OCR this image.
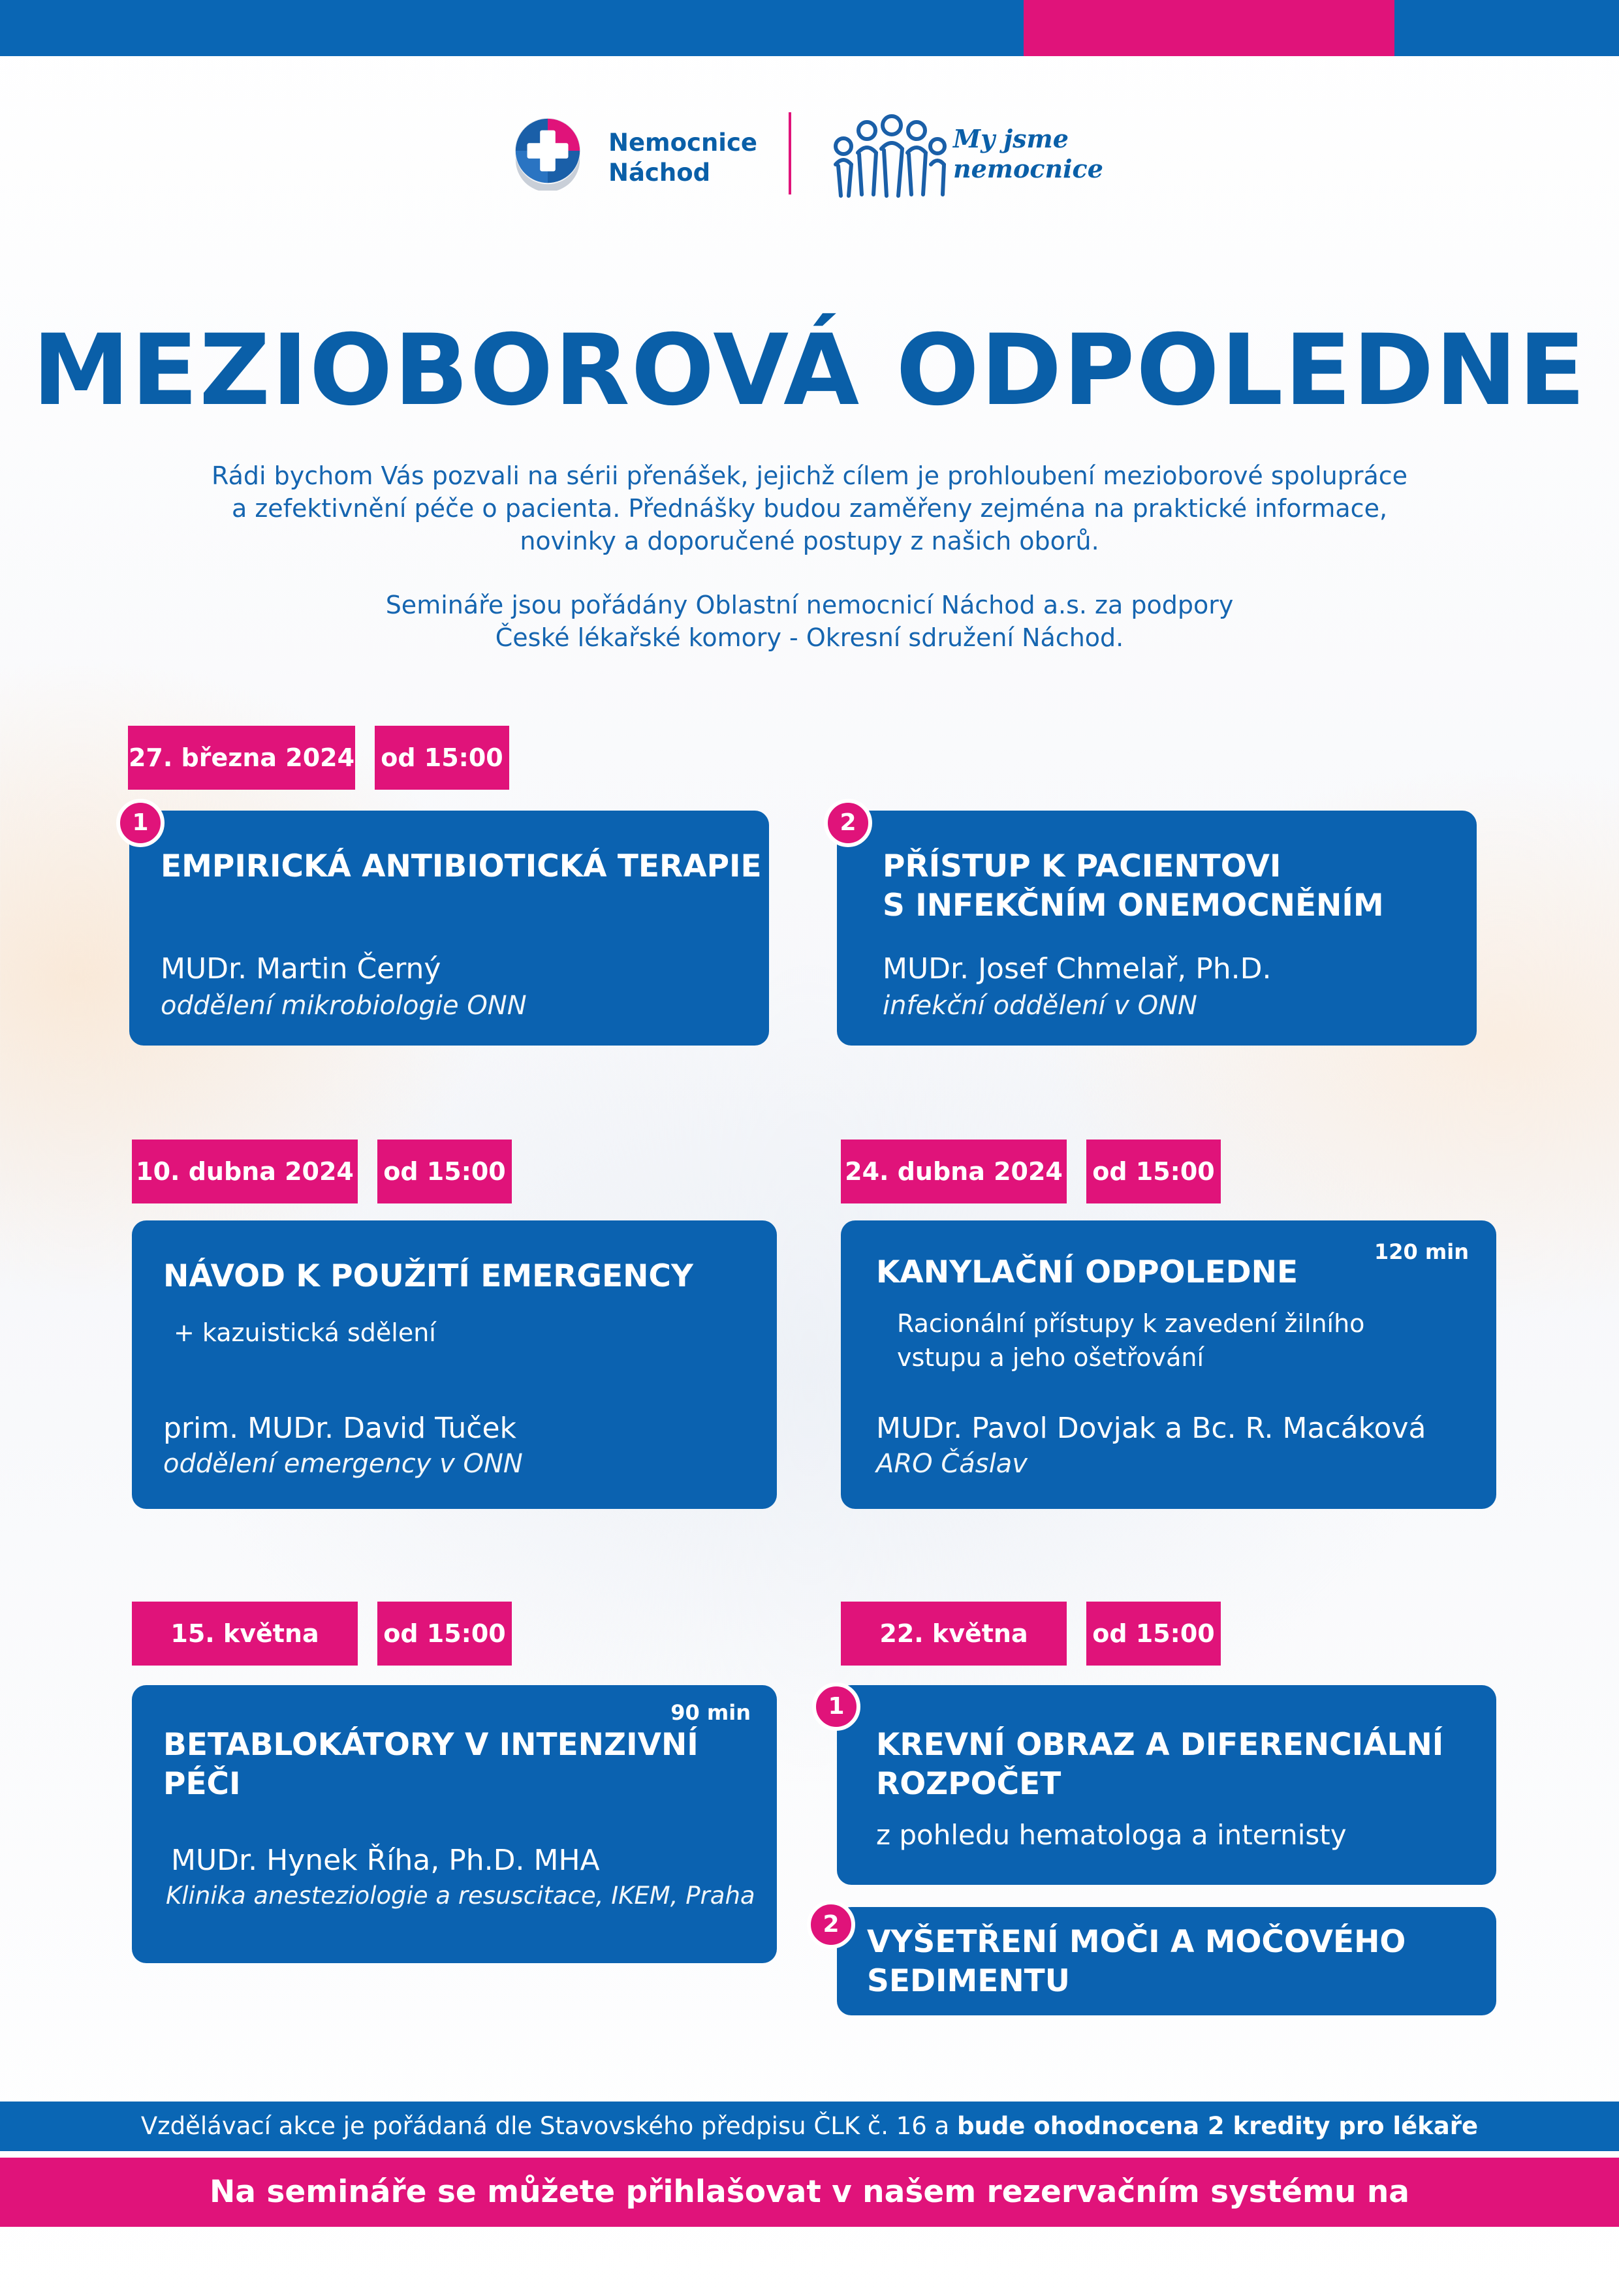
Nemocnice
Náchod
My jsme
nemocnice
MEZIOBOROVÁ ODPOLEDNE
Rádi bychom Vás pozvali na sérii přenášek, jejichž cílem je prohloubení mezioborové spolupráce
a zefektivnění péče o pacienta. Přednášky budou zaměřeny zejména na praktické informace,
novinky a doporučené postupy z našich oborů.
Semináře jsou pořádány Oblastní nemocnicí Náchod a.s. za podpory
České lékařské komory - Okresní sdružení Náchod.
27. března 2024 od 15:00
EMPIRICKÁ ANTIBIOTICKÁ TERAPIE
MUDr. Martin Černý
oddělení mikrobiologie ONN
1
PŘÍSTUP K PACIENTOVI
S INFEKČNÍM ONEMOCNĚNÍM
MUDr. Josef Chmelař, Ph.D.
infekční oddělení v ONN
2
10. dubna 2024 od 15:00
NÁVOD K POUŽITÍ EMERGENCY
+ kazuistická sdělení
prim. MUDr. David Tuček
oddělení emergency v ONN
24. dubna 2024 od 15:00
120 min
KANYLAČNÍ ODPOLEDNE
Racionální přístupy k zavedení žilního
vstupu a jeho ošetřování
MUDr. Pavol Dovjak a Bc. R. Macáková
ARO Čáslav
15. května	od 15:00
90 min
BETABLOKÁTORY V INTENZIVNÍ
PÉČI
MUDr. Hynek Říha, Ph.D. MHA
Klinika anesteziologie a resuscitace, IKEM, Praha
22. května	od 15:00
KREVNÍ OBRAZ A DIFERENCIÁLNÍ
ROZPOČET
z pohledu hematologa a internisty
1
VYŠETŘENÍ MOČI A MOČOVÉHO
SEDIMENTU
2
Vzdělávací akce je pořádaná dle Stavovského předpisu ČLK č. 16 a bude ohodnocena 2 kredity pro lékaře
Na semináře se můžete přihlašovat v našem rezervačním systému na www.nemocnicenachod.cz
